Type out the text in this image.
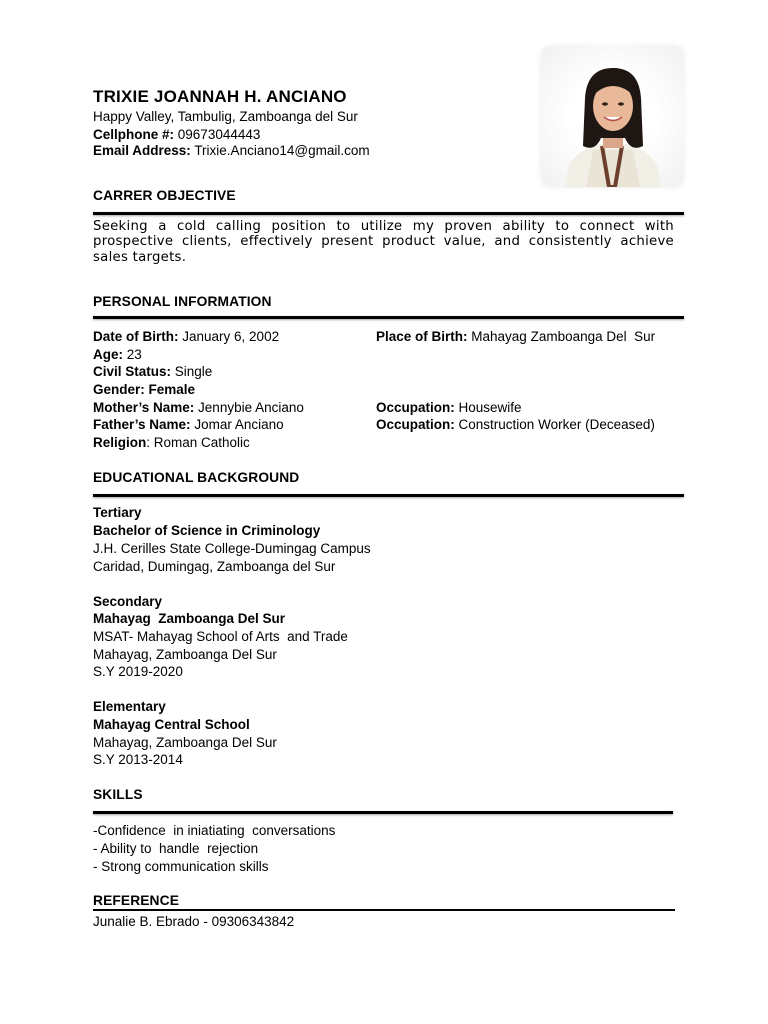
TRIXIE JOANNAH H. ANCIANO
Happy Valley, Tambulig, Zamboanga del Sur
Cellphone #: 09673044443
Email Address: Trixie.Anciano14@gmail.com
CARRER OBJECTIVE
Seeking a cold calling position to utilize my proven ability to connect with prospective clients, effectively present product value, and consistently achieve sales targets.
PERSONAL INFORMATION
Date of Birth: January 6, 2002	Place of Birth: Mahayag Zamboanga Del  Sur
Age: 23
Civil Status: Single
Gender: Female
Mother’s Name: Jennybie Anciano	Occupation: Housewife
Father’s Name: Jomar Anciano	Occupation: Construction Worker (Deceased)
Religion: Roman Catholic
EDUCATIONAL BACKGROUND
Tertiary
Bachelor of Science in Criminology
J.H. Cerilles State College-Dumingag Campus
Caridad, Dumingag, Zamboanga del Sur
Secondary
Mahayag  Zamboanga Del Sur
MSAT- Mahayag School of Arts  and Trade
Mahayag, Zamboanga Del Sur
S.Y 2019-2020
Elementary
Mahayag Central School
Mahayag, Zamboanga Del Sur
S.Y 2013-2014
SKILLS
-Confidence  in iniatiating  conversations
- Ability to  handle  rejection
- Strong communication skills
REFERENCE
Junalie B. Ebrado - 09306343842
